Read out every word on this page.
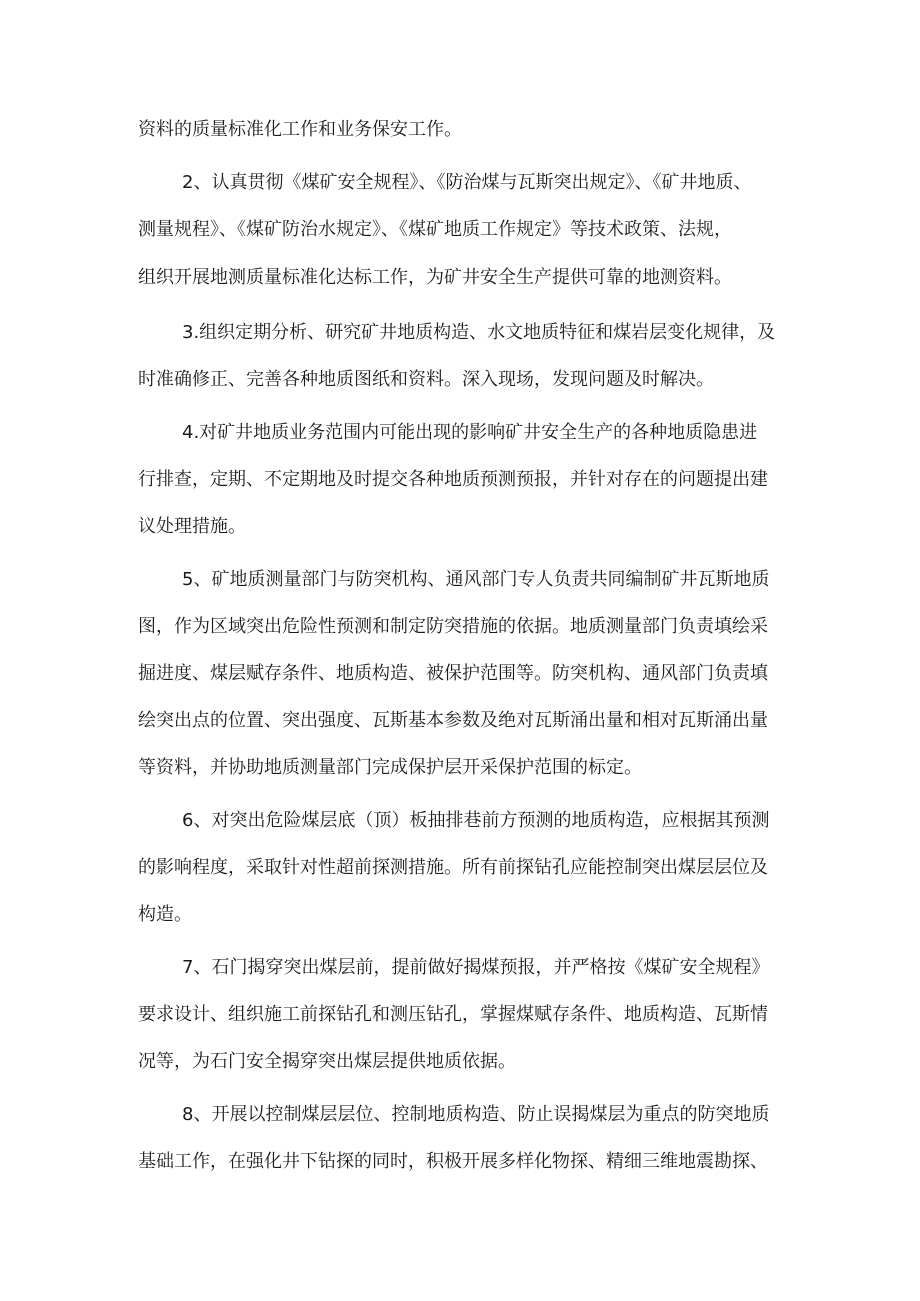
资料的质量标准化工作和业务保安工作。
2、认真贯彻《煤矿安全规程》、《防治煤与瓦斯突出规定》、《矿井地质、
测量规程》、《煤矿防治水规定》、《煤矿地质工作规定》等技术政策、法规，
组织开展地测质量标准化达标工作，为矿井安全生产提供可靠的地测资料。
3.组织定期分析、研究矿井地质构造、水文地质特征和煤岩层变化规律，及
时准确修正、完善各种地质图纸和资料。深入现场，发现问题及时解决。
4.对矿井地质业务范围内可能出现的影响矿井安全生产的各种地质隐患进
行排查，定期、不定期地及时提交各种地质预测预报，并针对存在的问题提出建
议处理措施。
5、矿地质测量部门与防突机构、通风部门专人负责共同编制矿井瓦斯地质
图，作为区域突出危险性预测和制定防突措施的依据。地质测量部门负责填绘采
掘进度、煤层赋存条件、地质构造、被保护范围等。防突机构、通风部门负责填
绘突出点的位置、突出强度、瓦斯基本参数及绝对瓦斯涌出量和相对瓦斯涌出量
等资料，并协助地质测量部门完成保护层开采保护范围的标定。
6、对突出危险煤层底（顶）板抽排巷前方预测的地质构造，应根据其预测
的影响程度，采取针对性超前探测措施。所有前探钻孔应能控制突出煤层层位及
构造。
7、石门揭穿突出煤层前，提前做好揭煤预报，并严格按《煤矿安全规程》
要求设计、组织施工前探钻孔和测压钻孔，掌握煤赋存条件、地质构造、瓦斯情
况等，为石门安全揭穿突出煤层提供地质依据。
8、开展以控制煤层层位、控制地质构造、防止误揭煤层为重点的防突地质
基础工作，在强化井下钻探的同时，积极开展多样化物探、精细三维地震勘探、
